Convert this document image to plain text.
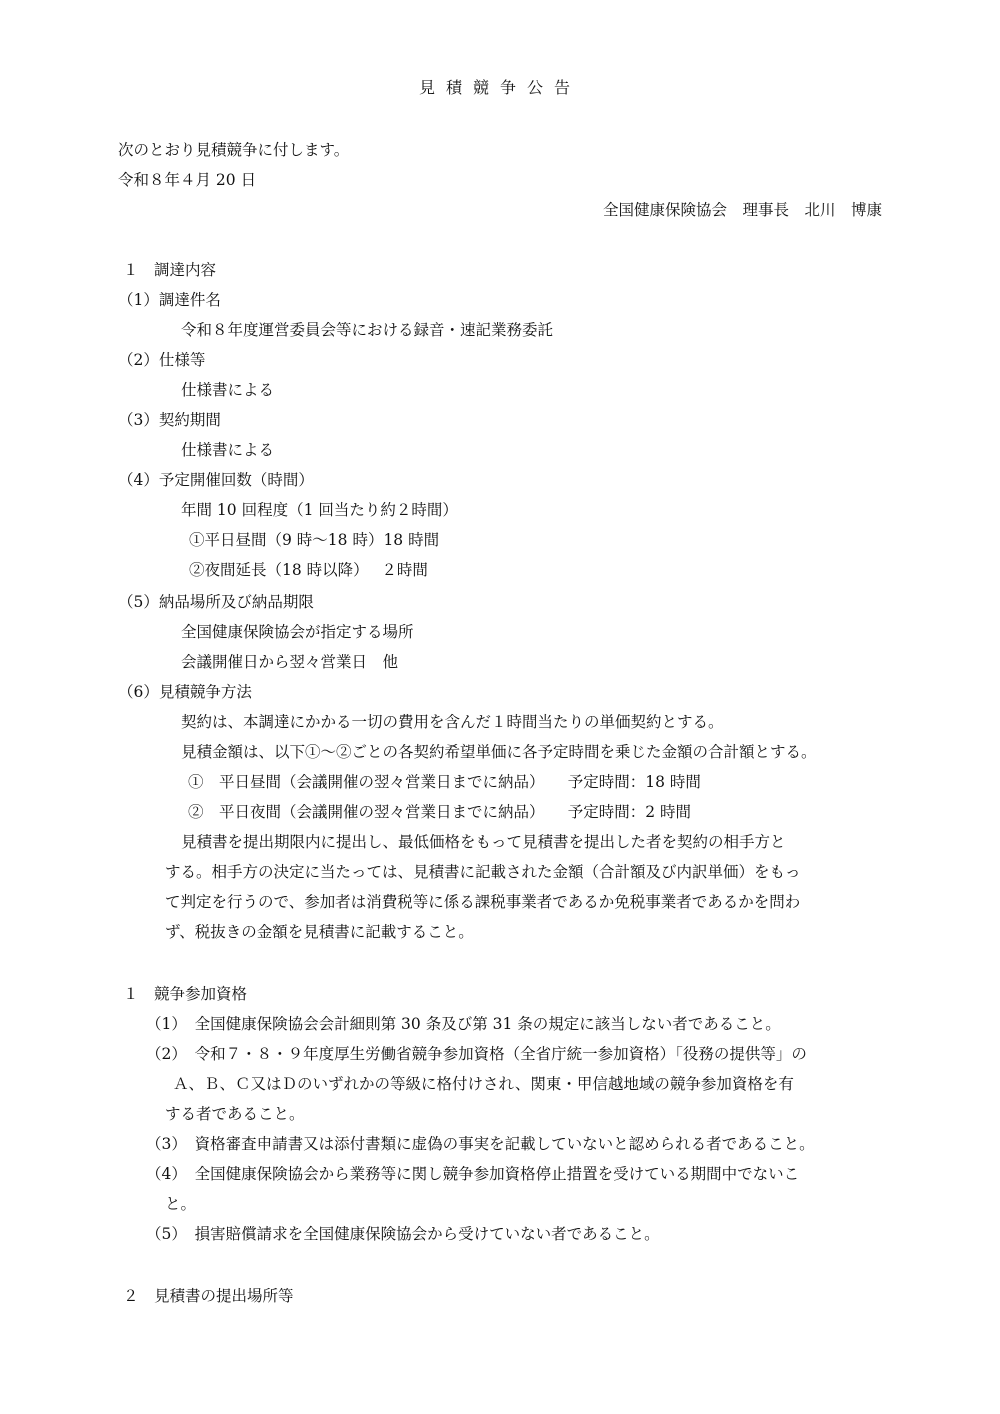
見積競争公告
次のとおり見積競争に付します。
令和８年４月 20 日
全国健康保険協会　理事長　北川　博康
１　調達内容
（1）調達件名
令和８年度運営委員会等における録音・速記業務委託
（2）仕様等
仕様書による
（3）契約期間
仕様書による
（4）予定開催回数（時間）
年間 10 回程度（1 回当たり約２時間）
①平日昼間（9 時～18 時）18 時間
②夜間延長（18 時以降）　 ２時間
（5）納品場所及び納品期限
全国健康保険協会が指定する場所
会議開催日から翌々営業日　他
（6）見積競争方法
契約は、本調達にかかる一切の費用を含んだ１時間当たりの単価契約とする。
見積金額は、以下①～②ごとの各契約希望単価に各予定時間を乗じた金額の合計額とする。
①　平日昼間（会議開催の翌々営業日までに納品）　　予定時間：18 時間
②　平日夜間（会議開催の翌々営業日までに納品）　　予定時間：2 時間
見積書を提出期限内に提出し、最低価格をもって見積書を提出した者を契約の相手方と
する。相手方の決定に当たっては、見積書に記載された金額（合計額及び内訳単価）をもっ
て判定を行うので、参加者は消費税等に係る課税事業者であるか免税事業者であるかを問わ
ず、税抜きの金額を見積書に記載すること。
１　競争参加資格
（1）　全国健康保険協会会計細則第 30 条及び第 31 条の規定に該当しない者であること。
（2）　令和７・８・９年度厚生労働省競争参加資格（全省庁統一参加資格）「役務の提供等」の
Ａ、Ｂ、Ｃ又はＤのいずれかの等級に格付けされ、関東・甲信越地域の競争参加資格を有
する者であること。
（3）　資格審査申請書又は添付書類に虚偽の事実を記載していないと認められる者であること。
（4）　全国健康保険協会から業務等に関し競争参加資格停止措置を受けている期間中でないこ
と。
（5）　損害賠償請求を全国健康保険協会から受けていない者であること。
２　見積書の提出場所等
